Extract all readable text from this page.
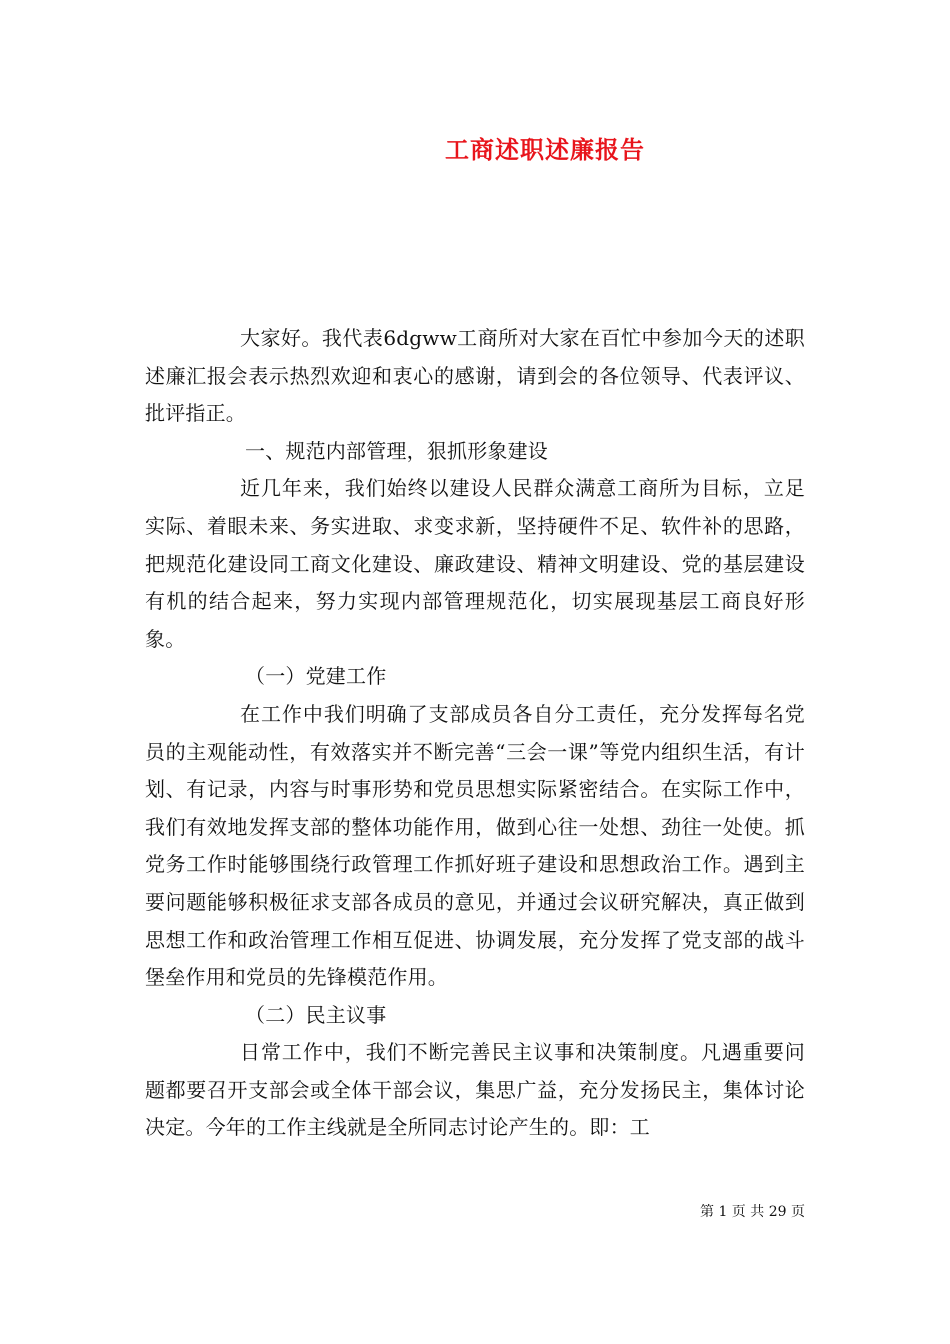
工商述职述廉报告

大家好。我代表6dgww工商所对大家在百忙中参加今天的述职述廉汇报会表示热烈欢迎和衷心的感谢，请到会的各位领导、代表评议、批评指正。

一、规范内部管理，狠抓形象建设

近几年来，我们始终以建设人民群众满意工商所为目标，立足实际、着眼未来、务实进取、求变求新，坚持硬件不足、软件补的思路，把规范化建设同工商文化建设、廉政建设、精神文明建设、党的基层建设有机的结合起来，努力实现内部管理规范化，切实展现基层工商良好形象。

（一）党建工作

在工作中我们明确了支部成员各自分工责任，充分发挥每名党员的主观能动性，有效落实并不断完善“三会一课”等党内组织生活，有计划、有记录，内容与时事形势和党员思想实际紧密结合。在实际工作中，我们有效地发挥支部的整体功能作用，做到心往一处想、劲往一处使。抓党务工作时能够围绕行政管理工作抓好班子建设和思想政治工作。遇到主要问题能够积极征求支部各成员的意见，并通过会议研究解决，真正做到思想工作和政治管理工作相互促进、协调发展，充分发挥了党支部的战斗堡垒作用和党员的先锋模范作用。

（二）民主议事

日常工作中，我们不断完善民主议事和决策制度。凡遇重要问题都要召开支部会或全体干部会议，集思广益，充分发扬民主，集体讨论决定。今年的工作主线就是全所同志讨论产生的。即：工

第 1 页 共 29 页
